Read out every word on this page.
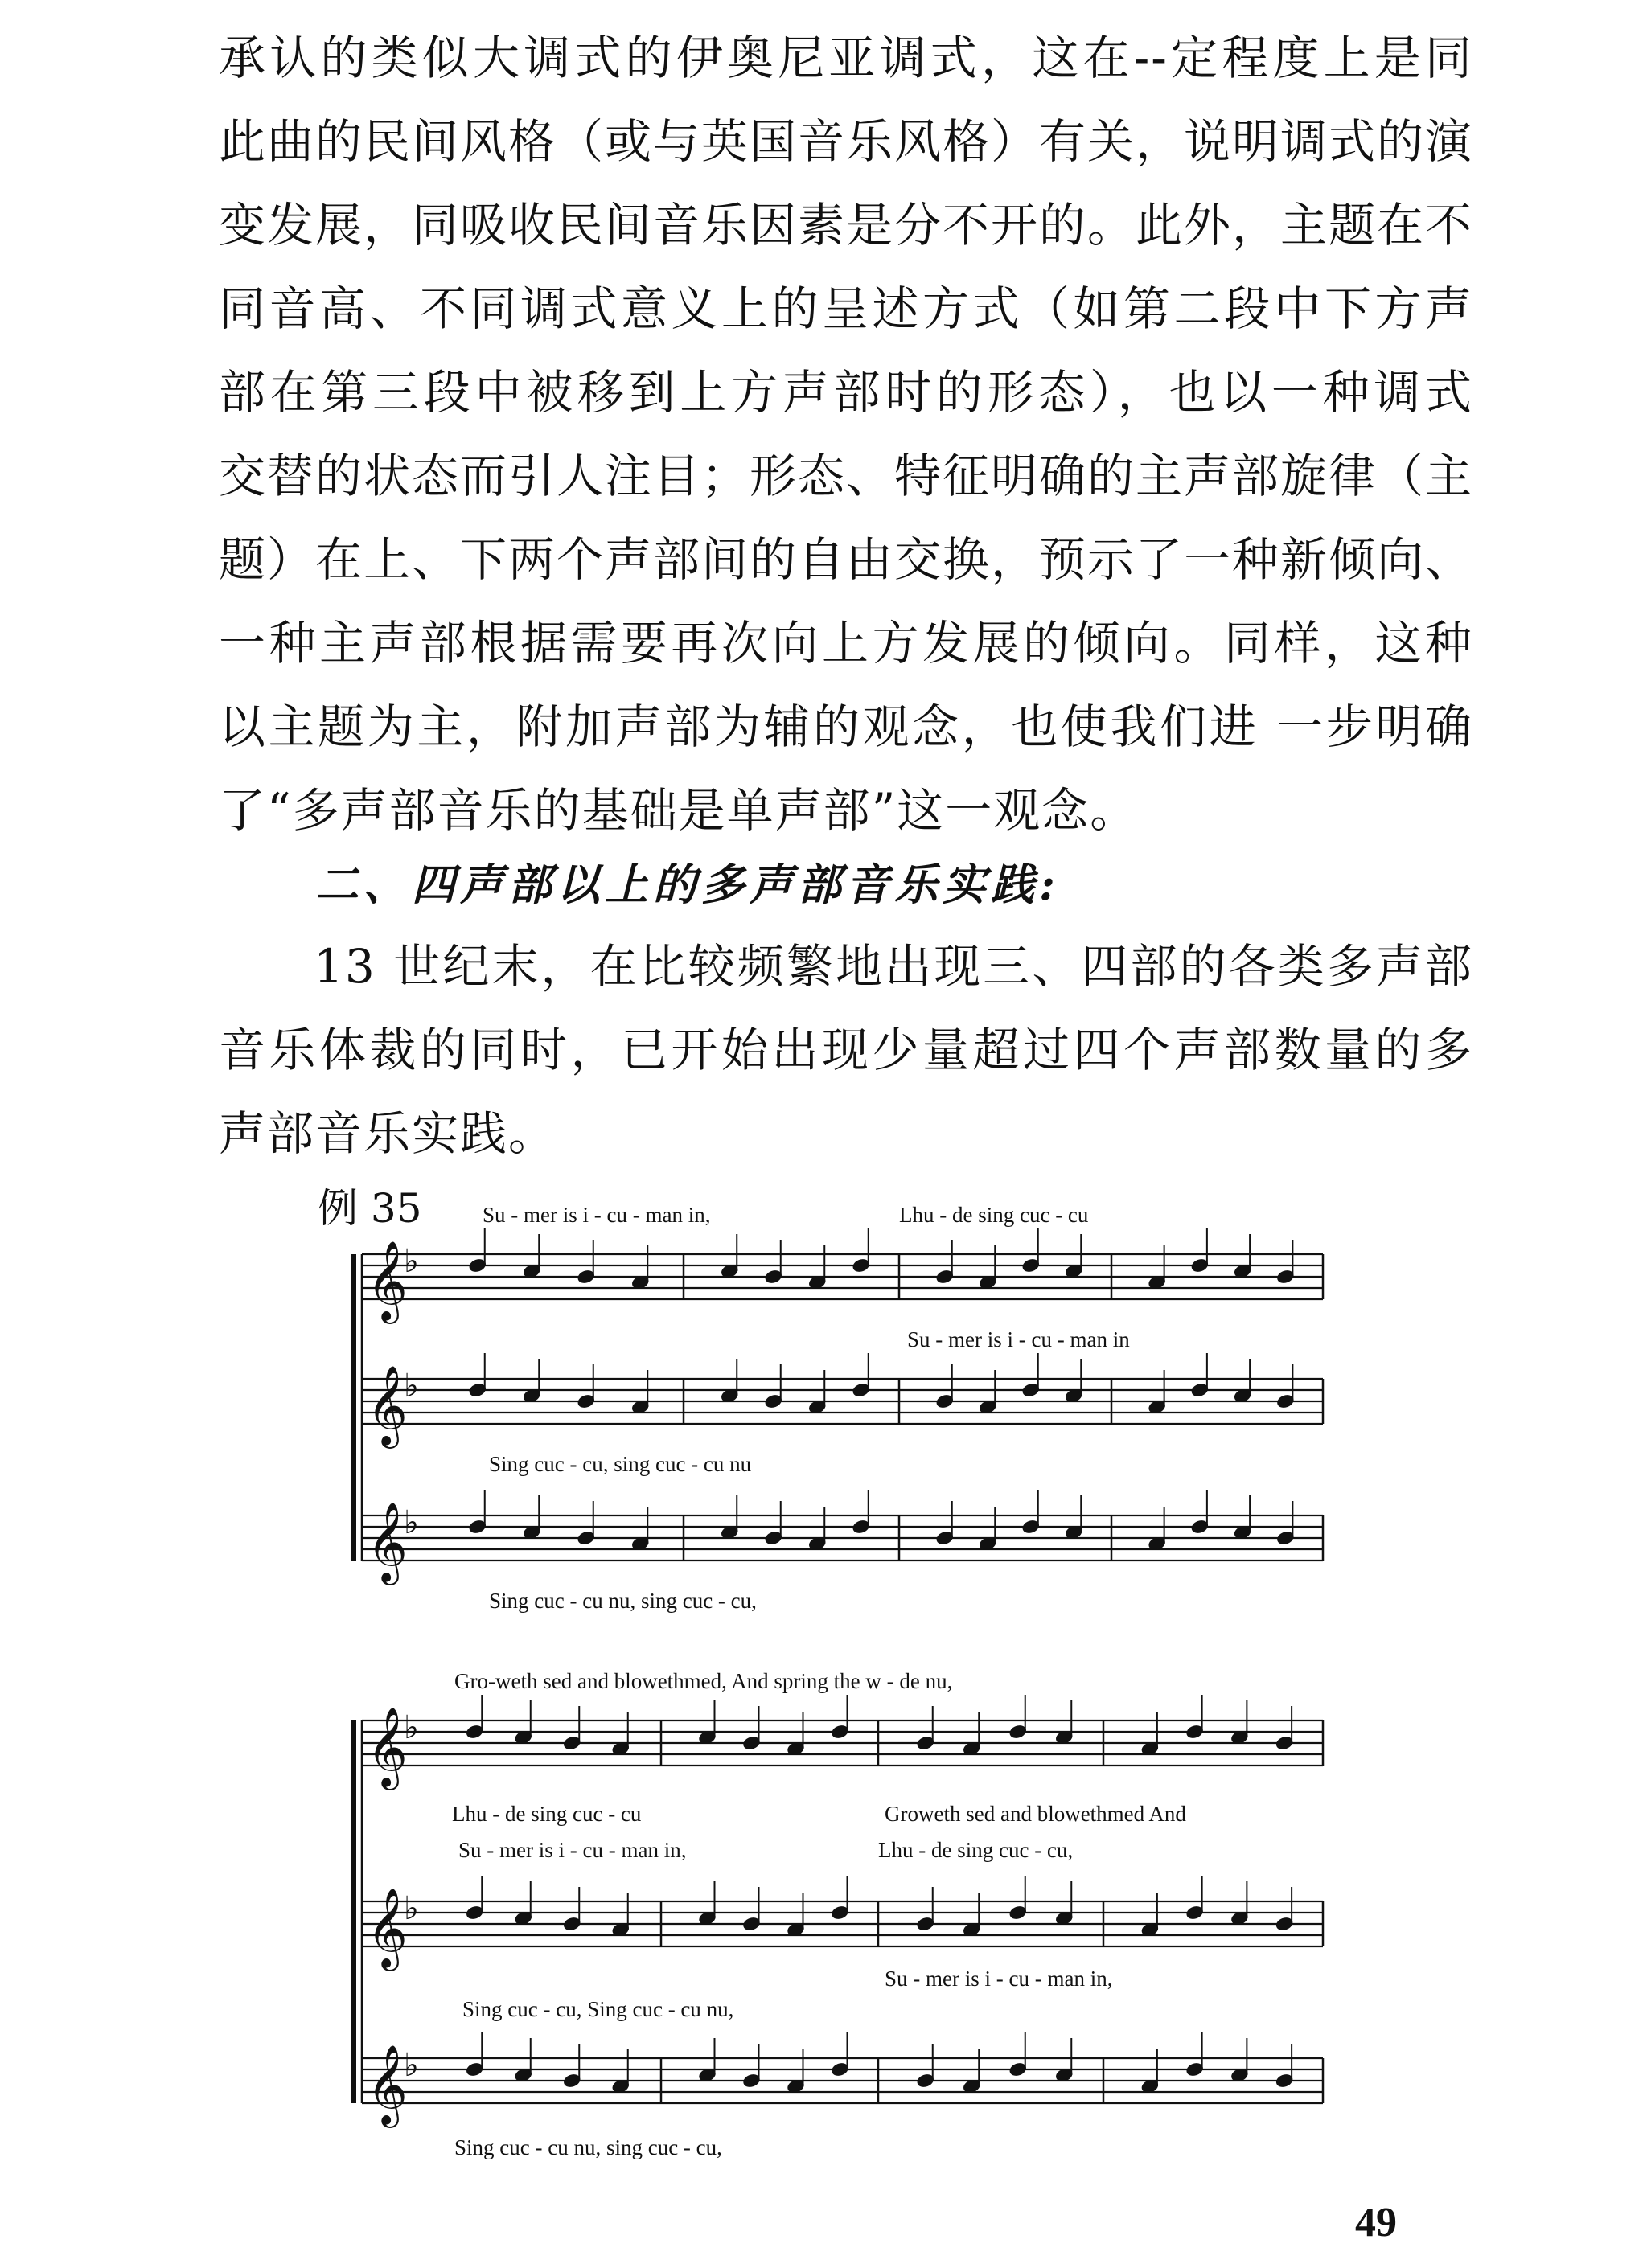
承认的类似大调式的伊奥尼亚调式，这在--定程度上是同
此曲的民间风格（或与英国音乐风格）有关，说明调式的演
变发展，同吸收民间音乐因素是分不开的。此外，主题在不
同音高、不同调式意义上的呈述方式（如第二段中下方声
部在第三段中被移到上方声部时的形态），也以一种调式
交替的状态而引人注目；形态、特征明确的主声部旋律（主
题）在上、下两个声部间的自由交换，预示了一种新倾向、
一种主声部根据需要再次向上方发展的倾向。同样，这种
以主题为主，附加声部为辅的观念，也使我们进 一步明确
了“多声部音乐的基础是单声部”这一观念。
二、四声部以上的多声部音乐实践:
13 世纪末，在比较频繁地出现三、四部的各类多声部
音乐体裁的同时，已开始出现少量超过四个声部数量的多
声部音乐实践。
例 35
𝄞
♭
𝄞
♭
𝄞
♭
𝄞
♭
𝄞
♭
𝄞
♭
Su - mer is i - cu - man in,	Lhu - de sing cuc - cu
Su - mer is i - cu - man in
Sing cuc - cu, sing cuc - cu nu
Sing cuc - cu nu, sing cuc - cu,
Gro-weth sed and blowethmed, And spring the w - de nu,
Lhu - de sing cuc - cu	Groweth sed and blowethmed And
Su - mer is i - cu - man in,	Lhu - de sing cuc - cu,
Su - mer is i - cu - man in,
Sing cuc - cu, Sing cuc - cu nu,
Sing cuc - cu nu, sing cuc - cu,
49
